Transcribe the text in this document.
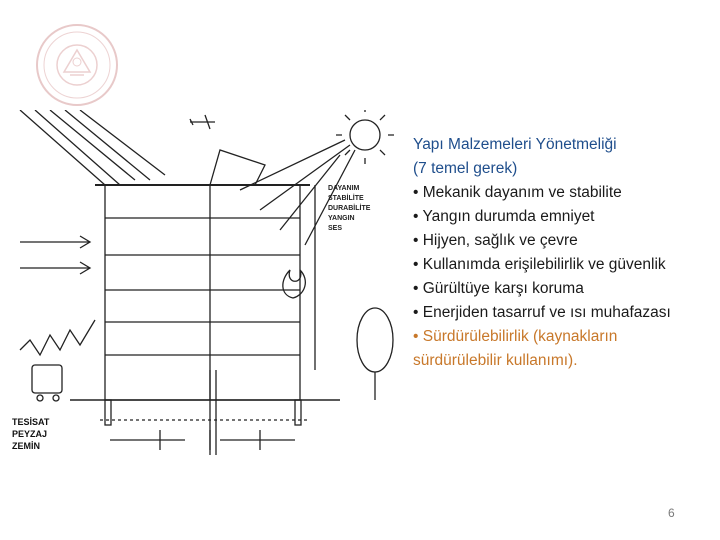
DAYANIM
STABİLİTE
DURABİLİTE
YANGIN
SES
TESİSAT
PEYZAJ
ZEMİN
Yapı Malzemeleri Yönetmeliği
(7 temel gerek)
• Mekanik dayanım ve stabilite
• Yangın durumda emniyet
• Hijyen, sağlık ve çevre
• Kullanımda erişilebilirlik ve güvenlik
• Gürültüye karşı koruma
• Enerjiden tasarruf ve ısı muhafazası
• Sürdürülebilirlik (kaynakların
sürdürülebilir kullanımı).
6
